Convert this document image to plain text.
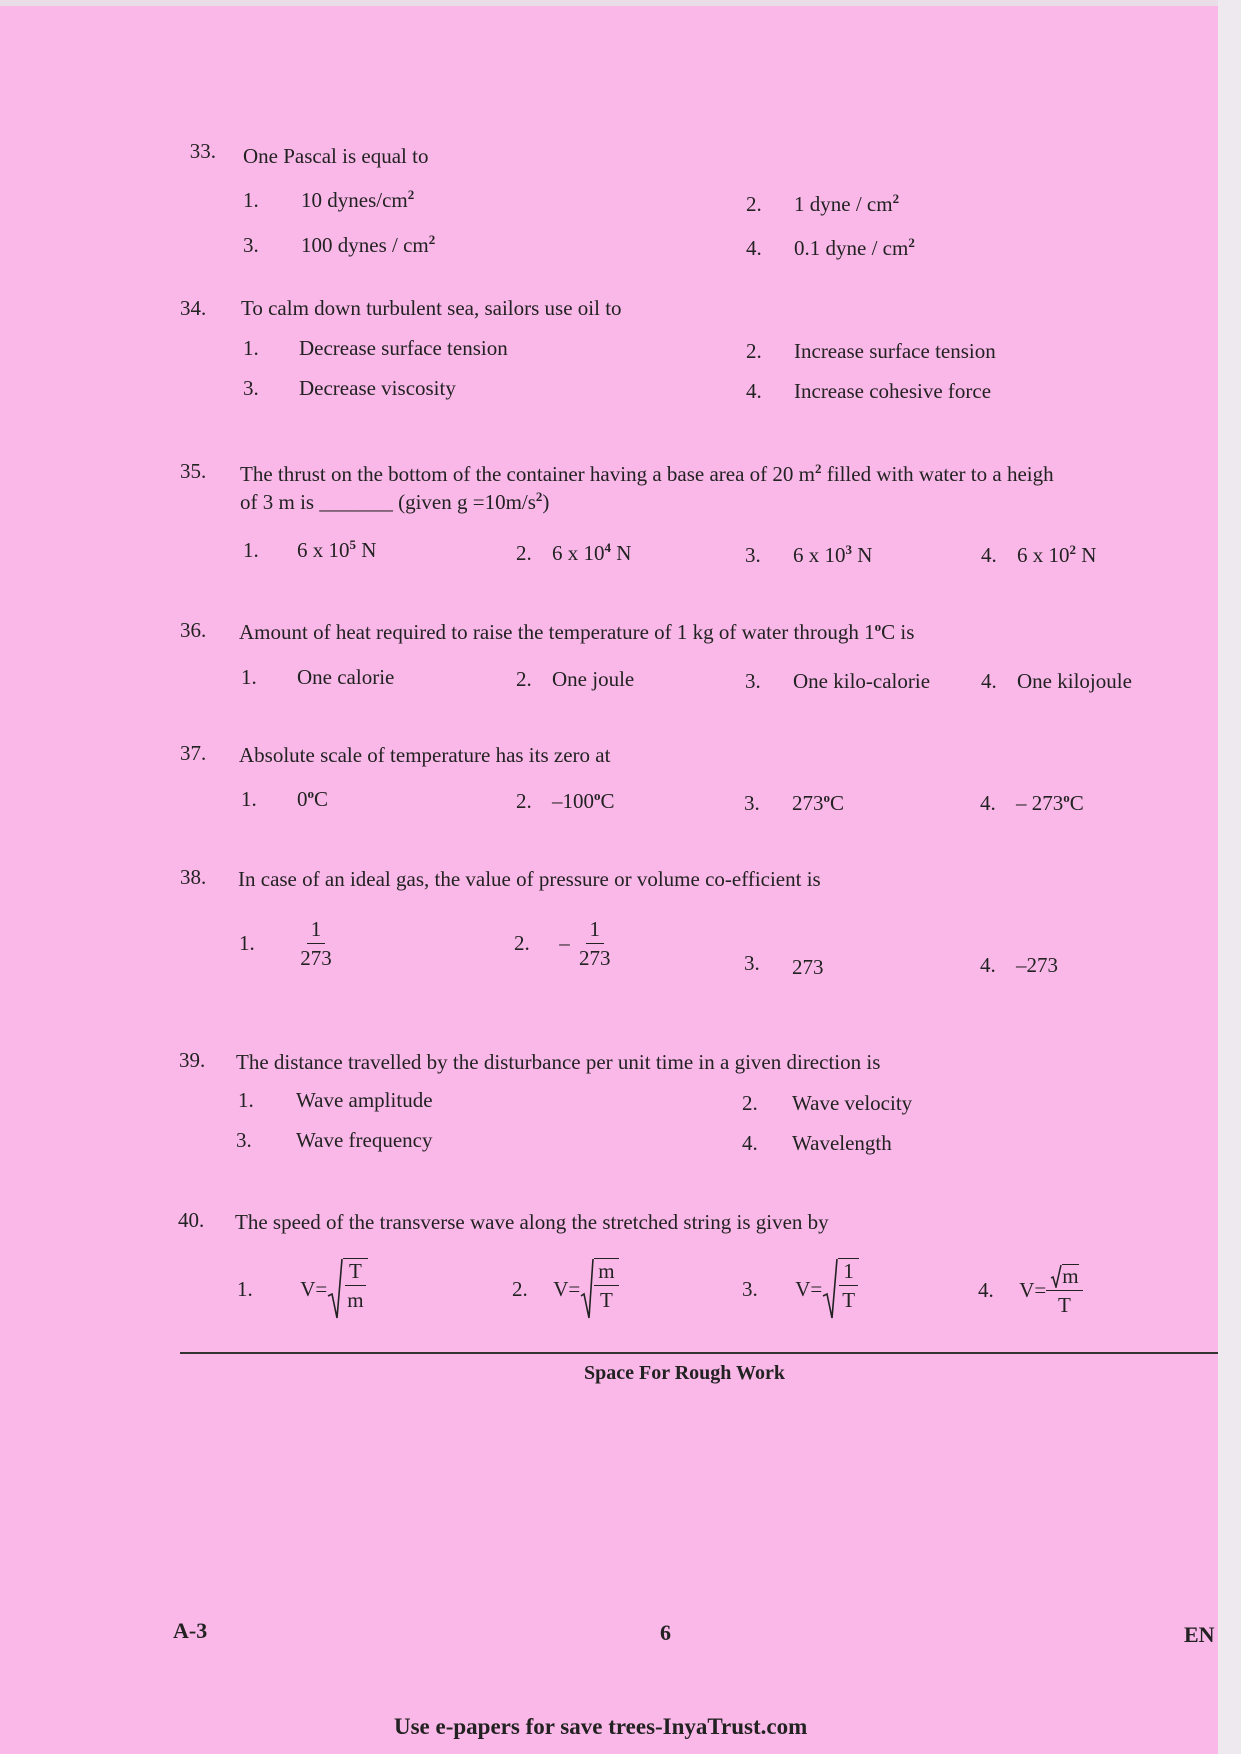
33. One Pascal is equal to
1. 10 dynes/$cm^2$	2. 1 dyne / $cm^2$
3. 100 dynes / $cm^2$	4. 0.1 dyne / $cm^2$
34. To calm down turbulent sea, sailors use oil to
1. Decrease surface tension	2. Increase surface tension
3. Decrease viscosity	4. Increase cohesive force
35. The thrust on the bottom of the container having a base area of 20 $m^2$ filled with water to a heigh
of 3 m is _______ (given $g =10m/s^2$)
1. 6 x $10^5$ N	2. 6 x $10^4$ N	3. 6 x $10^3$ N	4. 6 x $10^2$ N
36. Amount of heat required to raise the temperature of 1 kg of water through 1$^o$C is
1. One calorie	2. One joule	3. One kilo-calorie 4. One kilojoule
37. Absolute scale of temperature has its zero at
1. 0$^o$C	2. –100$^o$C	3. 273$^o$C	4. – 273$^o$C
38. In case of an ideal gas, the value of pressure or volume co-efficient is
1. $\frac{1}{273}$	2. – $\frac{1}{273}$	3. 273	4. –273
39. The distance travelled by the disturbance per unit time in a given direction is
1. Wave amplitude	2. Wave velocity
3. Wave frequency	4. Wavelength
40. The speed of the transverse wave along the stretched string is given by
1. $V= \frac{T}{m}$	2. $V= \frac{m}{T}$	3. $V= \frac{1}{T}$	4. $V= \frac{m}{T}$
Space For Rough Work
A-3	6	EN
Use e-papers for save trees-InyaTrust.com
